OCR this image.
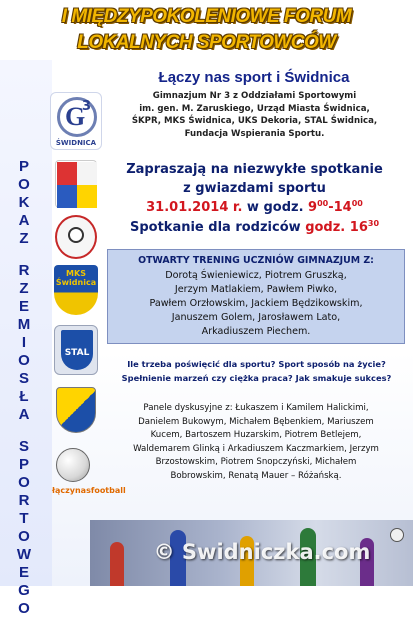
I MIĘDZYPOKOLENIOWE FORUM
LOKALNYCH SPORTOWCÓW
Łączy nas sport i Świdnica
Gimnazjum Nr 3 z Oddziałami Sportowymi
im. gen. M. Zaruskiego, Urząd Miasta Świdnica,
ŚKPR, MKS Świdnica, UKS Dekoria, STAL Świdnica,
Fundacja Wspierania Sportu.
G
3
ŚWIDNICA
MKS Świdnica
STAL
łączynasfootball
P
O
K
A
Z
R
Z
E
M
I
O
S
Ł
A
S
P
O
R
T
O
W
E
G
O
Zapraszają na niezwykłe spotkanie
z gwiazdami sportu
31.01.2014 r. w godz. $9^{00}-14^{00}$
Spotkanie dla rodziców godz. $16^{30}$
OTWARTY TRENING UCZNIÓW GIMNAZJUM Z:
Dorotą Świeniewicz, Piotrem Gruszką,
Jerzym Matlakiem, Pawłem Piwko,
Pawłem Orzłowskim, Jackiem Będzikowskim,
Januszem Golem, Jarosławem Lato,
Arkadiuszem Piechem.
Ile trzeba poświęcić dla sportu? Sport sposób na życie?
Spełnienie marzeń czy ciężka praca? Jak smakuje sukces?
Panele dyskusyjne z: Łukaszem i Kamilem Halickimi,
Danielem Bukowym, Michałem Bębenkiem, Mariuszem
Kucem, Bartoszem Huzarskim, Piotrem Betlejem,
Waldemarem Glinką i Arkadiuszem Kaczmarkiem, Jerzym
Brzostowskim, Piotrem Snopczyński, Michałem
Bobrowskim, Renatą Mauer – Różańską.
© Swidniczka.com
